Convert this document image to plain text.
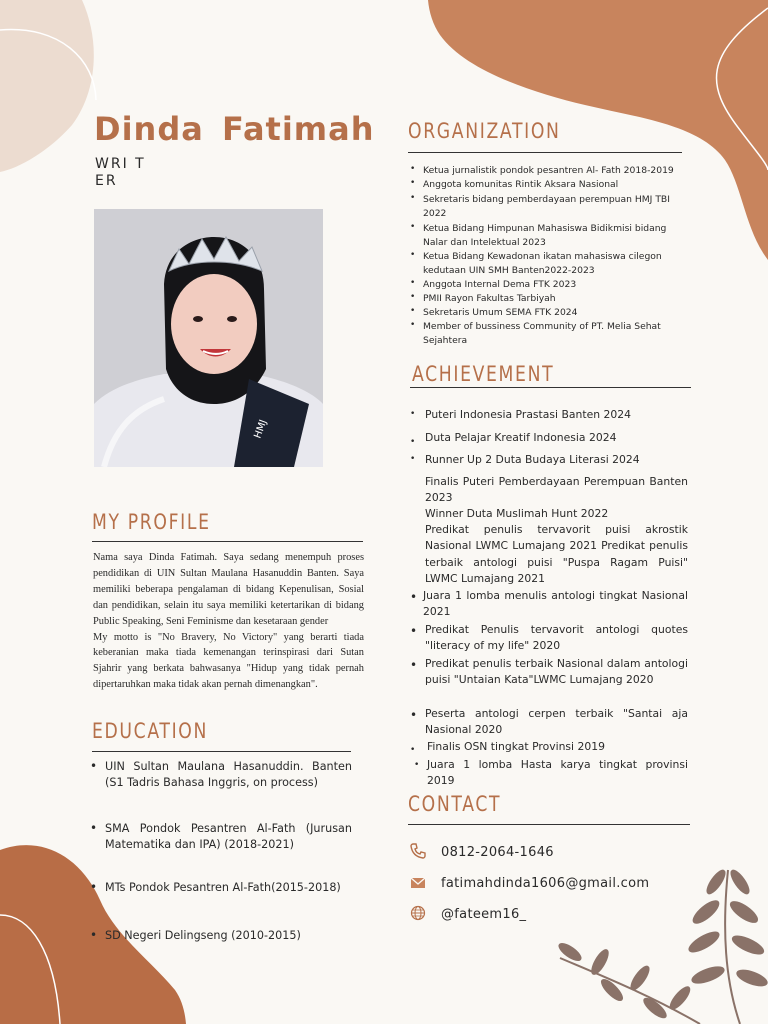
Dinda Fatimah
WRI T
ER
HMJ
MY PROFILE

Nama saya Dinda Fatimah. Saya sedang menempuh proses pendidikan di UIN Sultan Maulana Hasanuddin Banten. Saya memiliki beberapa pengalaman di bidang Kepenulisan, Sosial dan pendidikan, selain itu saya memiliki ketertarikan di bidang Public Speaking, Seni Feminisme dan kesetaraan gender

My motto is "No Bravery, No Victory" yang berarti tiada keberanian maka tiada kemenangan terinspirasi dari Sutan Sjahrir yang berkata bahwasanya "Hidup yang tidak pernah dipertaruhkan maka tidak akan pernah dimenangkan".

EDUCATION
• UIN Sultan Maulana Hasanuddin. Banten (S1 Tadris Bahasa Inggris, on process)
• SMA Pondok Pesantren Al-Fath (Jurusan Matematika dan IPA) (2018-2021)
• MTs Pondok Pesantren Al-Fath(2015-2018)
• SD Negeri Delingseng (2010-2015)
ORGANIZATION
• Ketua jurnalistik pondok pesantren Al- Fath 2018-2019
• Anggota komunitas Rintik Aksara Nasional
• Sekretaris bidang pemberdayaan perempuan HMJ TBI 2022
• Ketua Bidang Himpunan Mahasiswa Bidikmisi bidang Nalar dan Intelektual 2023
• Ketua Bidang Kewadonan ikatan mahasiswa cilegon kedutaan UIN SMH Banten2022-2023
• Anggota Internal Dema FTK 2023
• PMII Rayon Fakultas Tarbiyah
• Sekretaris Umum SEMA FTK 2024
• Member of bussiness Community of PT. Melia Sehat Sejahtera
ACHIEVEMENT
• Puteri Indonesia Prastasi Banten 2024
• Duta Pelajar Kreatif Indonesia 2024
• Runner Up 2 Duta Budaya Literasi 2024
Finalis Puteri Pemberdayaan Perempuan Banten 2023
Winner Duta Muslimah Hunt 2022
Predikat penulis tervavorit puisi akrostik Nasional LWMC Lumajang 2021 Predikat penulis terbaik antologi puisi "Puspa Ragam Puisi" LWMC Lumajang 2021
• Juara 1 lomba menulis antologi tingkat Nasional 2021
• Predikat Penulis tervavorit antologi quotes "literacy of my life" 2020
• Predikat penulis terbaik Nasional dalam antologi puisi "Untaian Kata"LWMC Lumajang 2020
• Peserta antologi cerpen terbaik "Santai aja Nasional 2020
•	Finalis OSN tingkat Provinsi 2019
• Juara 1 lomba Hasta karya tingkat provinsi 2019
CONTACT
0812-2064-1646
fatimahdinda1606@gmail.com
@fateem16_
